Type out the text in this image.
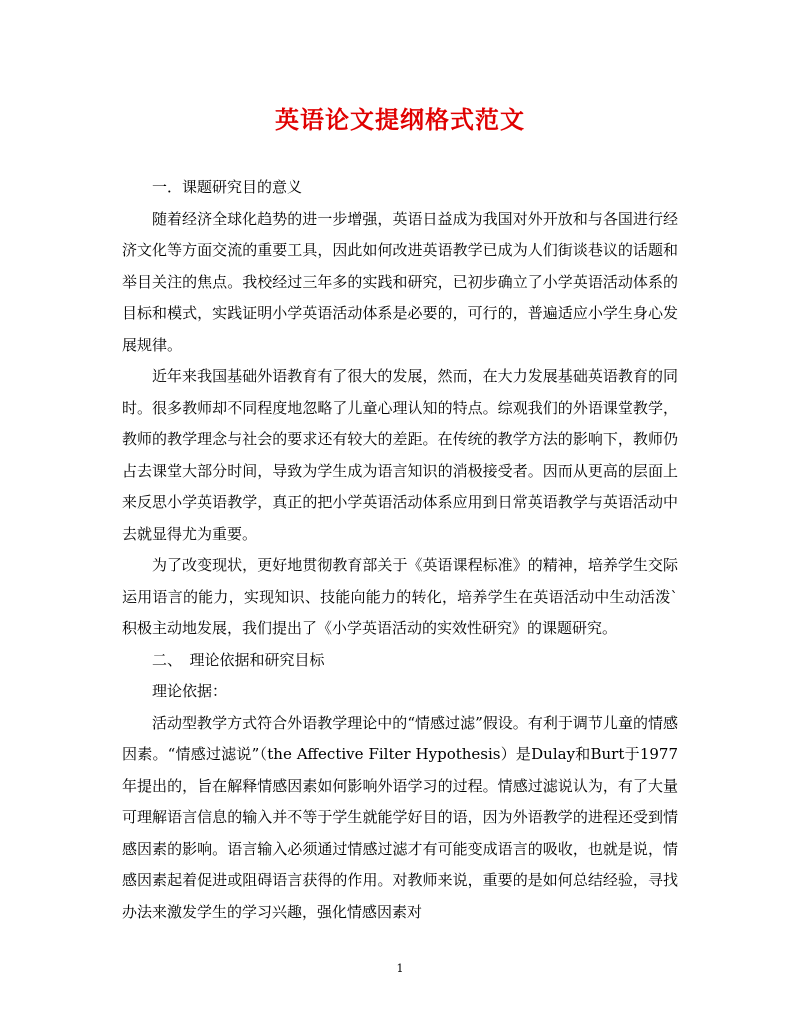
英语论文提纲格式范文

一．课题研究目的意义

随着经济全球化趋势的进一步增强，英语日益成为我国对外开放和与各国进行经济文化等方面交流的重要工具，因此如何改进英语教学已成为人们街谈巷议的话题和举目关注的焦点。我校经过三年多的实践和研究，已初步确立了小学英语活动体系的目标和模式，实践证明小学英语活动体系是必要的，可行的，普遍适应小学生身心发展规律。

近年来我国基础外语教育有了很大的发展，然而，在大力发展基础英语教育的同时。很多教师却不同程度地忽略了儿童心理认知的特点。综观我们的外语课堂教学，教师的教学理念与社会的要求还有较大的差距。在传统的教学方法的影响下，教师仍占去课堂大部分时间，导致为学生成为语言知识的消极接受者。因而从更高的层面上来反思小学英语教学，真正的把小学英语活动体系应用到日常英语教学与英语活动中去就显得尤为重要。

为了改变现状，更好地贯彻教育部关于《英语课程标准》的精神，培养学生交际运用语言的能力，实现知识、技能向能力的转化，培养学生在英语活动中生动活泼`积极主动地发展，我们提出了《小学英语活动的实效性研究》的课题研究。

二、　理论依据和研究目标

理论依据：

活动型教学方式符合外语教学理论中的“情感过滤”假设。有利于调节儿童的情感因素。“情感过滤说”（the Affective Filter Hypothesis）是Dulay和Burt于1977年提出的，旨在解释情感因素如何影响外语学习的过程。情感过滤说认为，有了大量可理解语言信息的输入并不等于学生就能学好目的语，因为外语教学的进程还受到情感因素的影响。语言输入必须通过情感过滤才有可能变成语言的吸收，也就是说，情感因素起着促进或阻碍语言获得的作用。对教师来说，重要的是如何总结经验，寻找办法来激发学生的学习兴趣，强化情感因素对

1
